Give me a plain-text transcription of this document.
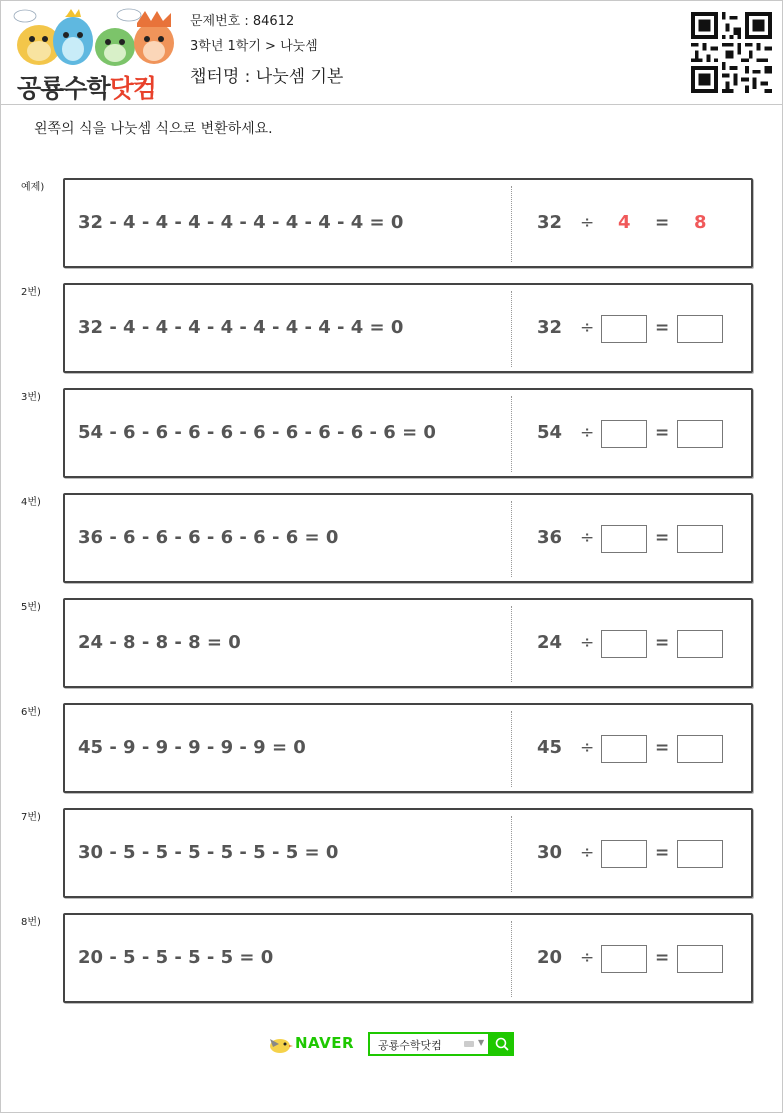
공룡수학닷컴
문제번호 : 84612
3학년 1학기 > 나눗셈
챕터명 : 나눗셈 기본
왼쪽의 식을 나눗셈 식으로 변환하세요.
예제)
32 - 4 - 4 - 4 - 4 - 4 - 4 - 4 - 4 = 0	32 ÷ 4 = 8
2번)
32 - 4 - 4 - 4 - 4 - 4 - 4 - 4 - 4 = 0	32 ÷	=
3번)
54 - 6 - 6 - 6 - 6 - 6 - 6 - 6 - 6 - 6 = 0	54 ÷	=
4번)
36 - 6 - 6 - 6 - 6 - 6 - 6 = 0	36 ÷	=
5번)
24 - 8 - 8 - 8 = 0	24 ÷	=
6번)
45 - 9 - 9 - 9 - 9 - 9 = 0	45 ÷	=
7번)
30 - 5 - 5 - 5 - 5 - 5 - 5 = 0	30 ÷	=
8번)
20 - 5 - 5 - 5 - 5 = 0	20 ÷	=
NAVER 공룡수학닷컴	▼
